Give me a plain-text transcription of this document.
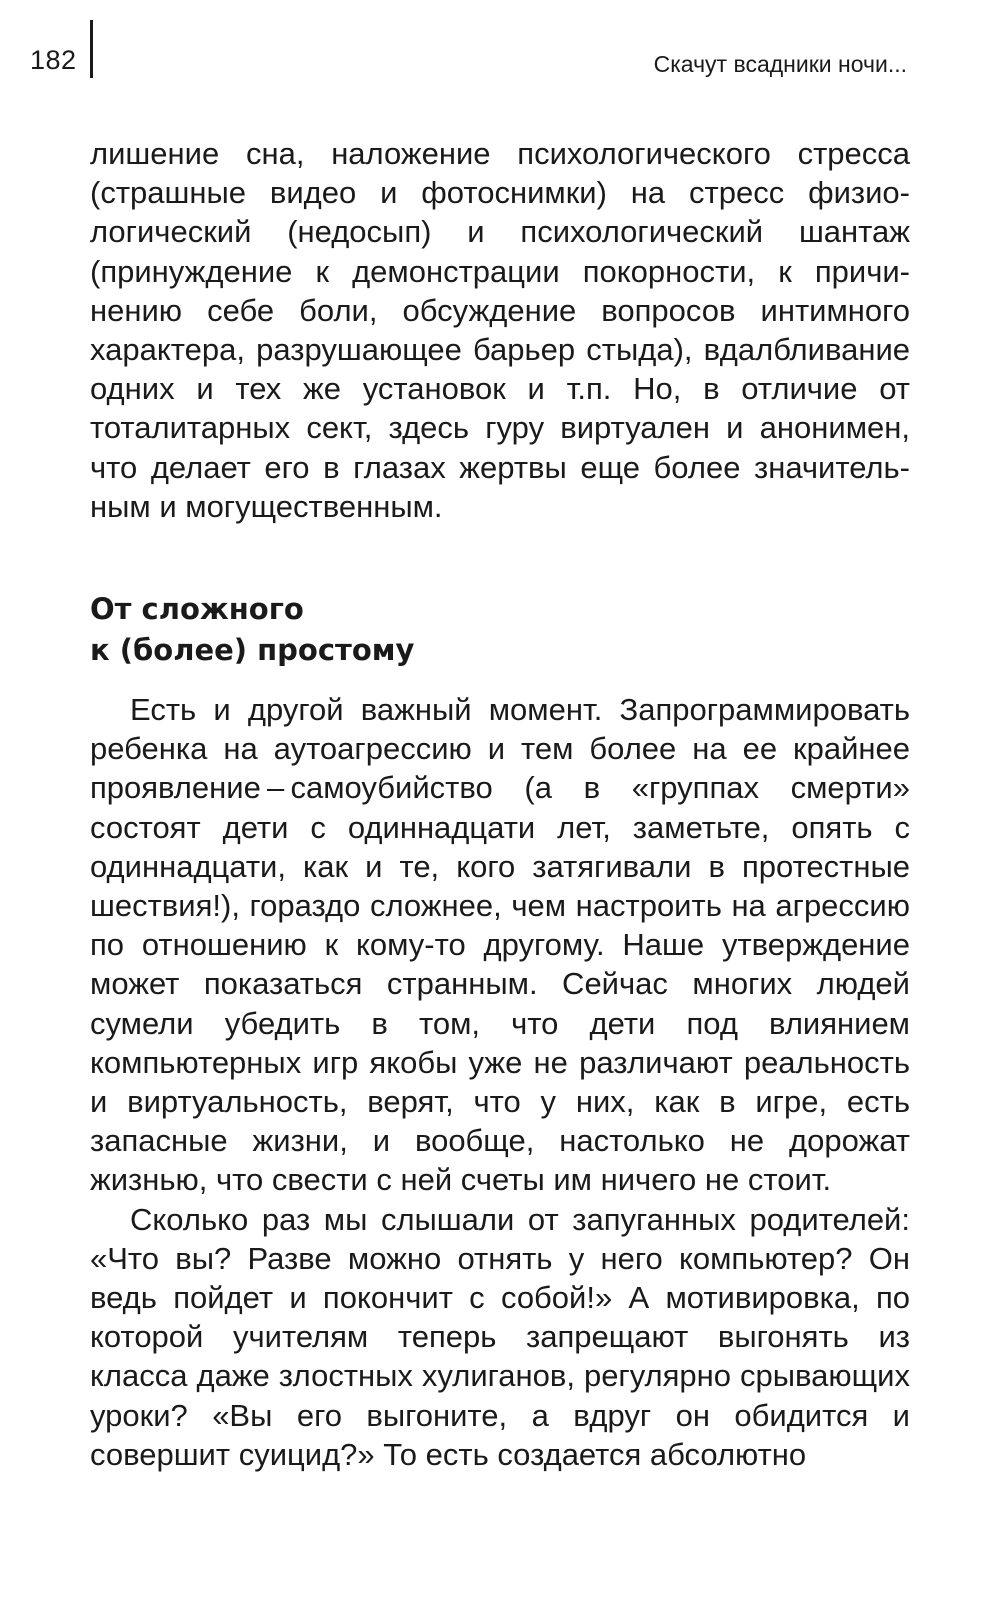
182	Скачут всадники ночи...

лишение сна, наложение психологического стресса (страшные видео и фотоснимки) на стресс физиологический (недосып) и психологический шантаж (принуждение к демонстрации покорности, к причинению себе боли, обсуждение вопросов интимного характера, разрушающее барьер стыда), вдалбливание одних и тех же установок и т.п. Но, в отличие от тоталитарных сект, здесь гуру виртуален и анонимен, что делает его в глазах жертвы еще более значительным и могущественным.

От сложного
к (более) простому

Есть и другой важный момент. Запрограммировать ребенка на аутоагрессию и тем более на ее крайнее проявление – самоубийство (а в «группах смерти» состоят дети с одиннадцати лет, заметьте, опять с одиннадцати, как и те, кого затягивали в протестные шествия!), гораздо сложнее, чем настроить на агрессию по отношению к кому-то другому. Наше утверждение может показаться странным. Сейчас многих людей сумели убедить в том, что дети под влиянием компьютерных игр якобы уже не различают реальность и виртуальность, верят, что у них, как в игре, есть запасные жизни, и вообще, настолько не дорожат жизнью, что свести с ней счеты им ничего не стоит.

Сколько раз мы слышали от запуганных родителей: «Что вы? Разве можно отнять у него компьютер? Он ведь пойдет и покончит с собой!» А мотивировка, по которой учителям теперь запрещают выгонять из класса даже злостных хулиганов, регулярно срывающих уроки? «Вы его выгоните, а вдруг он обидится и совершит суицид?» То есть создается абсолютно
